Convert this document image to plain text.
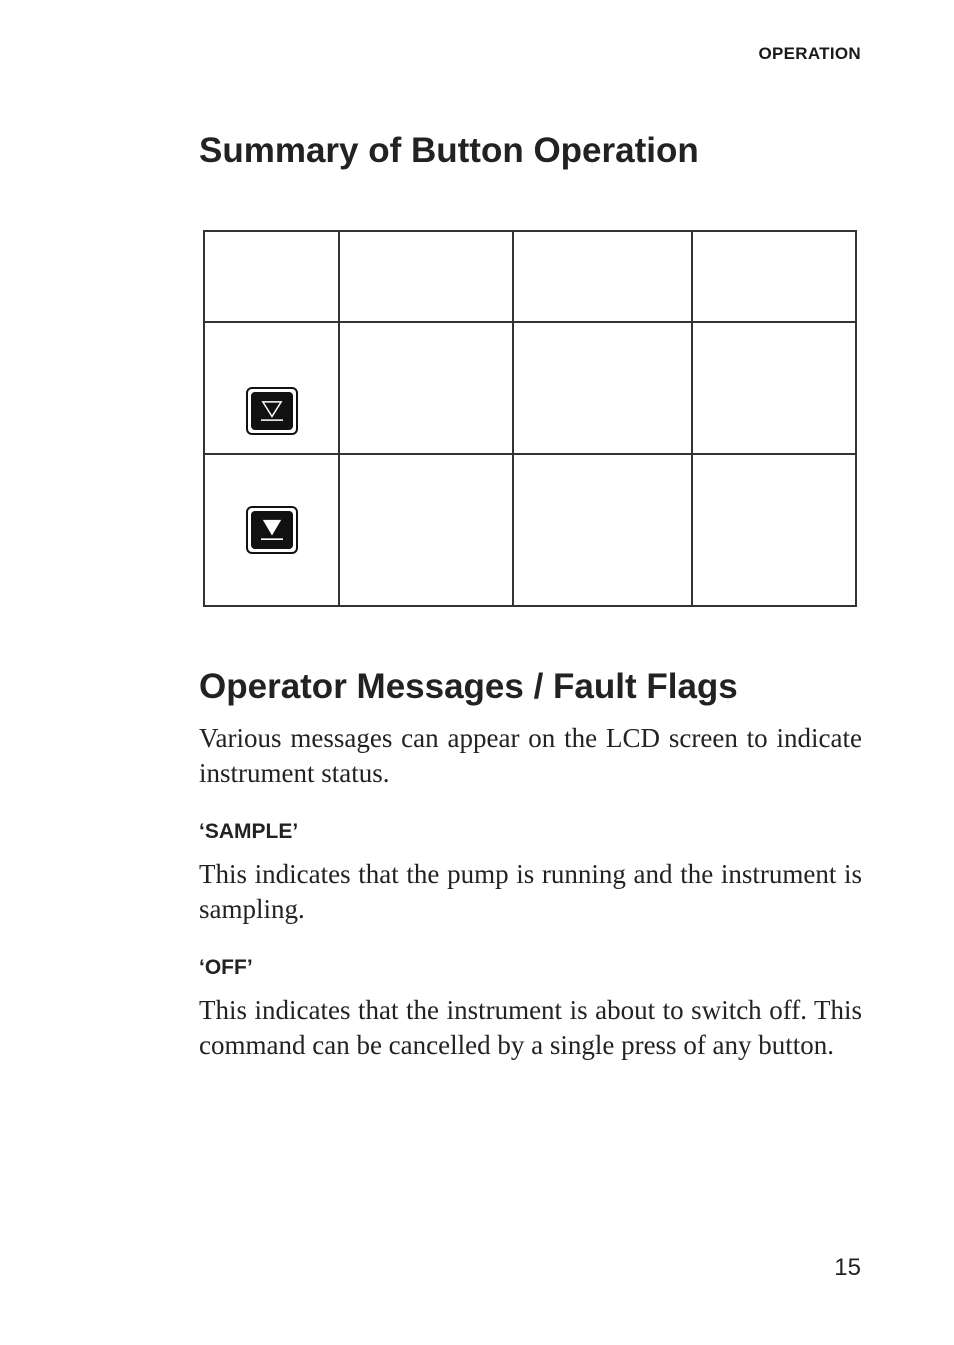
OPERATION
Summary of Button Operation

Operator Messages / Fault Flags

Various messages can appear on the LCD screen to indicate instrument status.

‘SAMPLE’

This indicates that the pump is running and the instrument is sampling.

‘OFF’

This indicates that the instrument is about to switch off. This command can be cancelled by a single press of any button.

15
